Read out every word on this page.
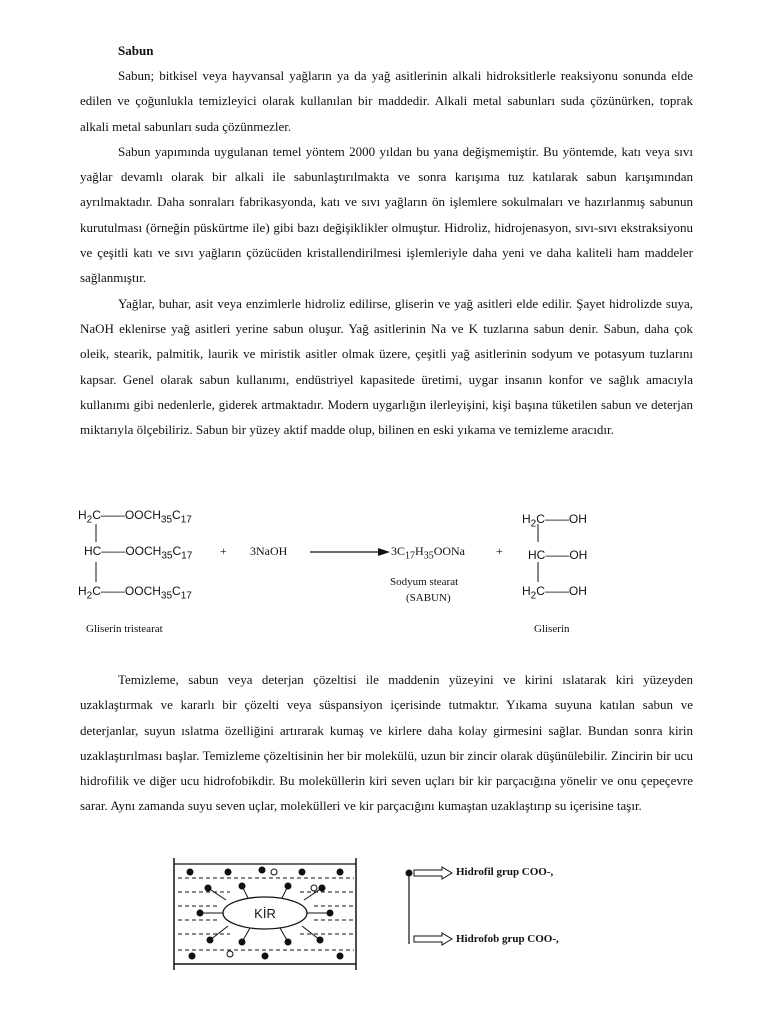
Sabun

Sabun; bitkisel veya hayvansal yağların ya da yağ asitlerinin alkali hidroksitlerle reaksiyonu sonunda elde edilen ve çoğunlukla temizleyici olarak kullanılan bir maddedir. Alkali metal sabunları suda çözünürken, toprak alkali metal sabunları suda çözünmezler.

Sabun yapımında uygulanan temel yöntem 2000 yıldan bu yana değişmemiştir. Bu yöntemde, katı veya sıvı yağlar devamlı olarak bir alkali ile sabunlaştırılmakta ve sonra karışıma tuz katılarak sabun karışımından ayrılmaktadır. Daha sonraları fabrikasyonda, katı ve sıvı yağların ön işlemlere sokulmaları ve hazırlanmış sabunun kurutulması (örneğin püskürtme ile) gibi bazı değişiklikler olmuştur. Hidroliz, hidrojenasyon, sıvı-sıvı ekstraksiyonu ve çeşitli katı ve sıvı yağların çözücüden kristallendirilmesi işlemleriyle daha yeni ve daha kaliteli ham maddeler sağlanmıştır.

Yağlar, buhar, asit veya enzimlerle hidroliz edilirse, gliserin ve yağ asitleri elde edilir. Şayet hidrolizde suya, NaOH eklenirse yağ asitleri yerine sabun oluşur. Yağ asitlerinin Na ve K tuzlarına sabun denir. Sabun, daha çok oleik, stearik, palmitik, laurik ve miristik asitler olmak üzere, çeşitli yağ asitlerinin sodyum ve potasyum tuzlarını kapsar. Genel olarak sabun kullanımı, endüstriyel kapasitede üretimi, uygar insanın konfor ve sağlık amacıyla kullanımı gibi nedenlerle, giderek artmaktadır. Modern uygarlığın ilerleyişini, kişi başına tüketilen sabun ve deterjan miktarıyla ölçebiliriz. Sabun bir yüzey aktif madde olup, bilinen en eski yıkama ve temizleme aracıdır.

$H_2C——OOCH_{35}C_{17}$
$HC——OOCH_{35}C_{17}$
$H_2C——OOCH_{35}C_{17}$
+ 3NaOH	$3C_{17}H_{35}OONa$	+
$H_2C——OH$
HC——OH
$H_2C——OH$
Gliserin tristearat
Sodyum stearat
(SABUN)
Gliserin

Temizleme, sabun veya deterjan çözeltisi ile maddenin yüzeyini ve kirini ıslatarak kiri yüzeyden uzaklaştırmak ve kararlı bir çözelti veya süspansiyon içerisinde tutmaktır. Yıkama suyuna katılan sabun ve deterjanlar, suyun ıslatma özelliğini artırarak kumaş ve kirlere daha kolay girmesini sağlar. Bundan sonra kirin uzaklaştırılması başlar. Temizleme çözeltisinin her bir molekülü, uzun bir zincir olarak düşünülebilir. Zincirin bir ucu hidrofilik ve diğer ucu hidrofobikdir. Bu moleküllerin kiri seven uçları bir kir parçacığına yönelir ve onu çepeçevre sarar. Aynı zamanda suyu seven uçlar, molekülleri ve kir parçacığını kumaştan uzaklaştırıp su içerisine taşır.

KİR
Hidrofil grup COO-,
Hidrofob grup COO-,
